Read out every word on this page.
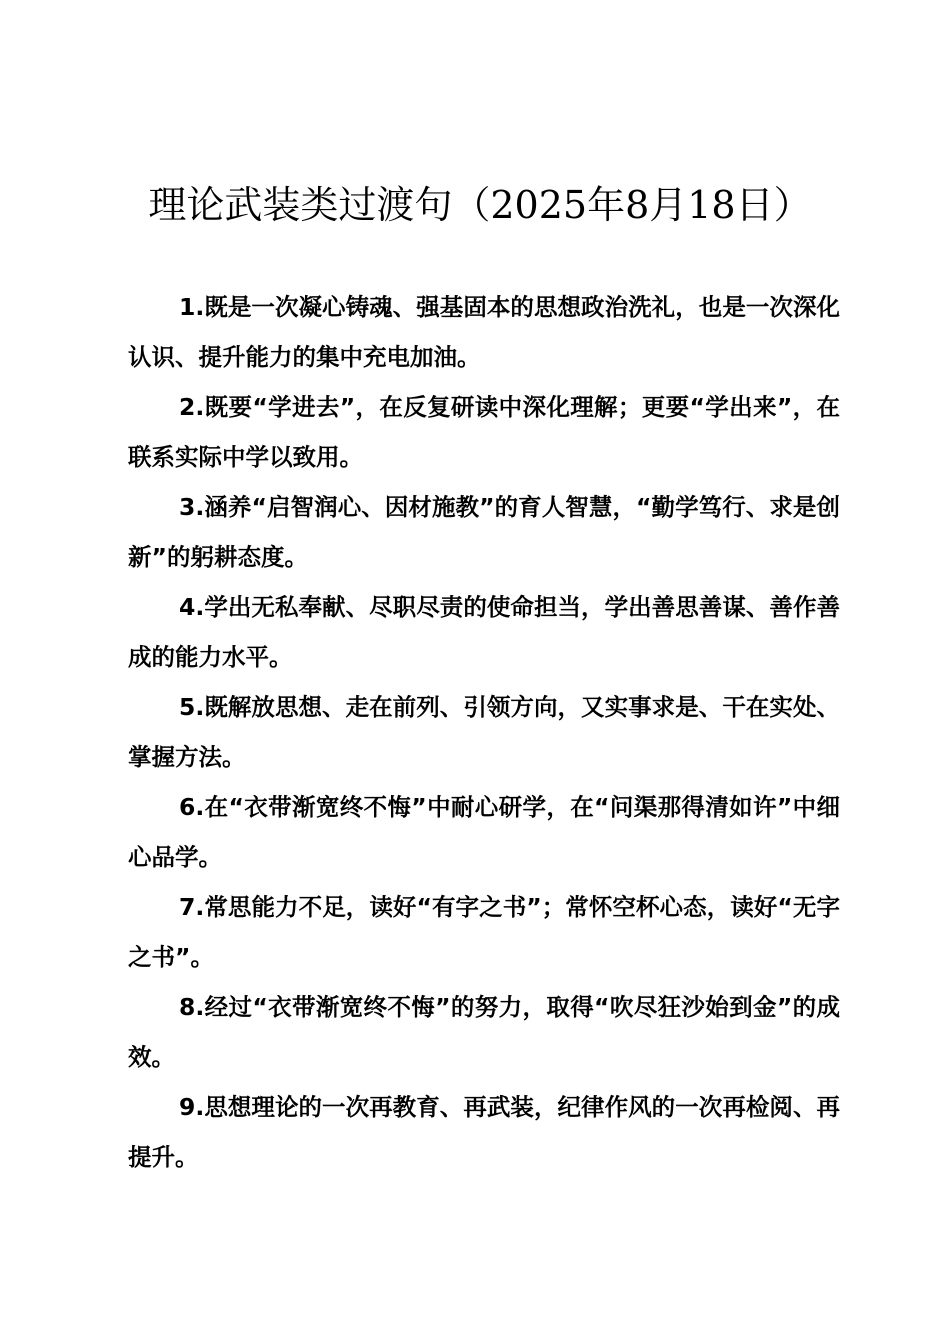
理论武装类过渡句（2025年8月18日）

1.既是一次凝心铸魂、强基固本的思想政治洗礼，也是一次深化认识、提升能力的集中充电加油。

2.既要“学进去”，在反复研读中深化理解；更要“学出来”，在联系实际中学以致用。

3.涵养“启智润心、因材施教”的育人智慧，“勤学笃行、求是创新”的躬耕态度。

4.学出无私奉献、尽职尽责的使命担当，学出善思善谋、善作善成的能力水平。

5.既解放思想、走在前列、引领方向，又实事求是、干在实处、掌握方法。

6.在“衣带渐宽终不悔”中耐心研学，在“问渠那得清如许”中细心品学。

7.常思能力不足，读好“有字之书”；常怀空杯心态，读好“无字之书”。

8.经过“衣带渐宽终不悔”的努力，取得“吹尽狂沙始到金”的成效。

9.思想理论的一次再教育、再武装，纪律作风的一次再检阅、再提升。
